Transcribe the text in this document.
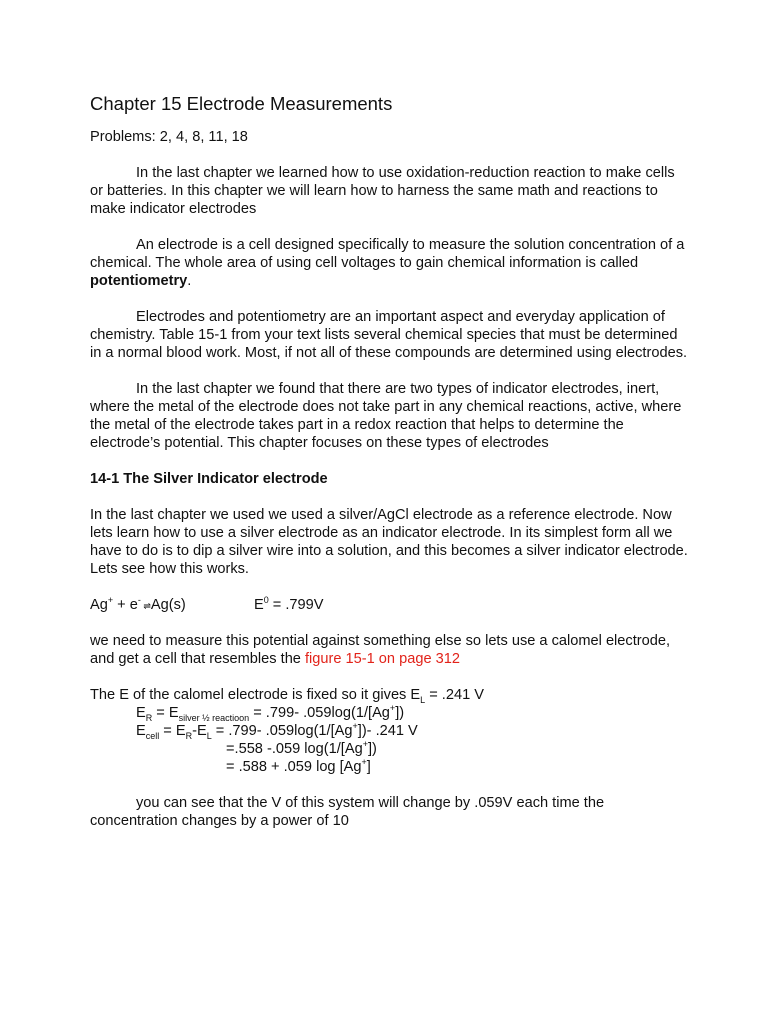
Chapter 15 Electrode Measurements

Problems: 2, 4, 8, 11, 18

In the last chapter we learned how to use oxidation-reduction reaction to make cells or batteries. In this chapter we will learn how to harness the same math and reactions to make indicator electrodes

An electrode is a cell designed specifically to measure the solution concentration of a chemical. The whole area of using cell voltages to gain chemical information is called potentiometry.

Electrodes and potentiometry are an important aspect and everyday application of chemistry. Table 15-1 from your text lists several chemical species that must be determined in a normal blood work. Most, if not all of these compounds are determined using electrodes.

In the last chapter we found that there are two types of indicator electrodes, inert, where the metal of the electrode does not take part in any chemical reactions, active, where the metal of the electrode takes part in a redox reaction that helps to determine the electrode’s potential. This chapter focuses on these types of electrodes

14-1 The Silver Indicator electrode

In the last chapter we used we used a silver/AgCl electrode as a reference electrode. Now lets learn how to use a silver electrode as an indicator electrode. In its simplest form all we have to do is to dip a silver wire into a solution, and this becomes a silver indicator electrode. Lets see how this works.

Ag+ + e- ⇌Ag(s)	$E^0 = .799V$

we need to measure this potential against something else so lets use a calomel electrode, and get a cell that resembles the figure 15-1 on page 312

The E of the calomel electrode is fixed so it gives $E_L = .241$ V

$E_R = E_{silver \frac{1}{2} reactioon} = .799-$ .059log(1/[Ag+])

$E_{cell} = E_R-E_L = .799-$ .059log(1/[Ag+])- .241 V

=.558 -.059 log(1/[Ag+])

= .588 + .059 log [Ag+]

you can see that the V of this system will change by .059V each time the concentration changes by a power of 10
